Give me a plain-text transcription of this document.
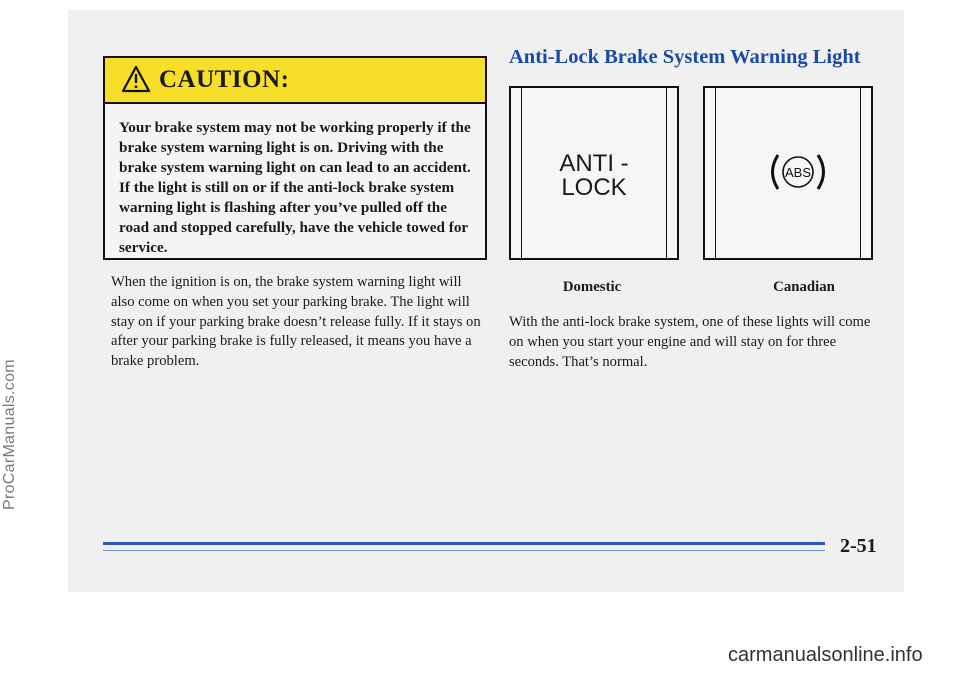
ProCarManuals.com
CAUTION:
Your brake system may not be working properly if the brake system warning light is on. Driving with the brake system warning light on can lead to an accident. If the light is still on or if the anti-lock brake system warning light is flashing after you’ve pulled off the road and stopped carefully, have the vehicle towed for service.

When the ignition is on, the brake system warning light will also come on when you set your parking brake. The light will stay on if your parking brake doesn’t release fully. If it stays on after your parking brake is fully released, it means you have a brake problem.

Anti-Lock Brake System Warning Light
ANTI -
LOCK
ABS
Domestic	Canadian

With the anti-lock brake system, one of these lights will come on when you start your engine and will stay on for three seconds. That’s normal.

2-51
carmanualsonline.info
